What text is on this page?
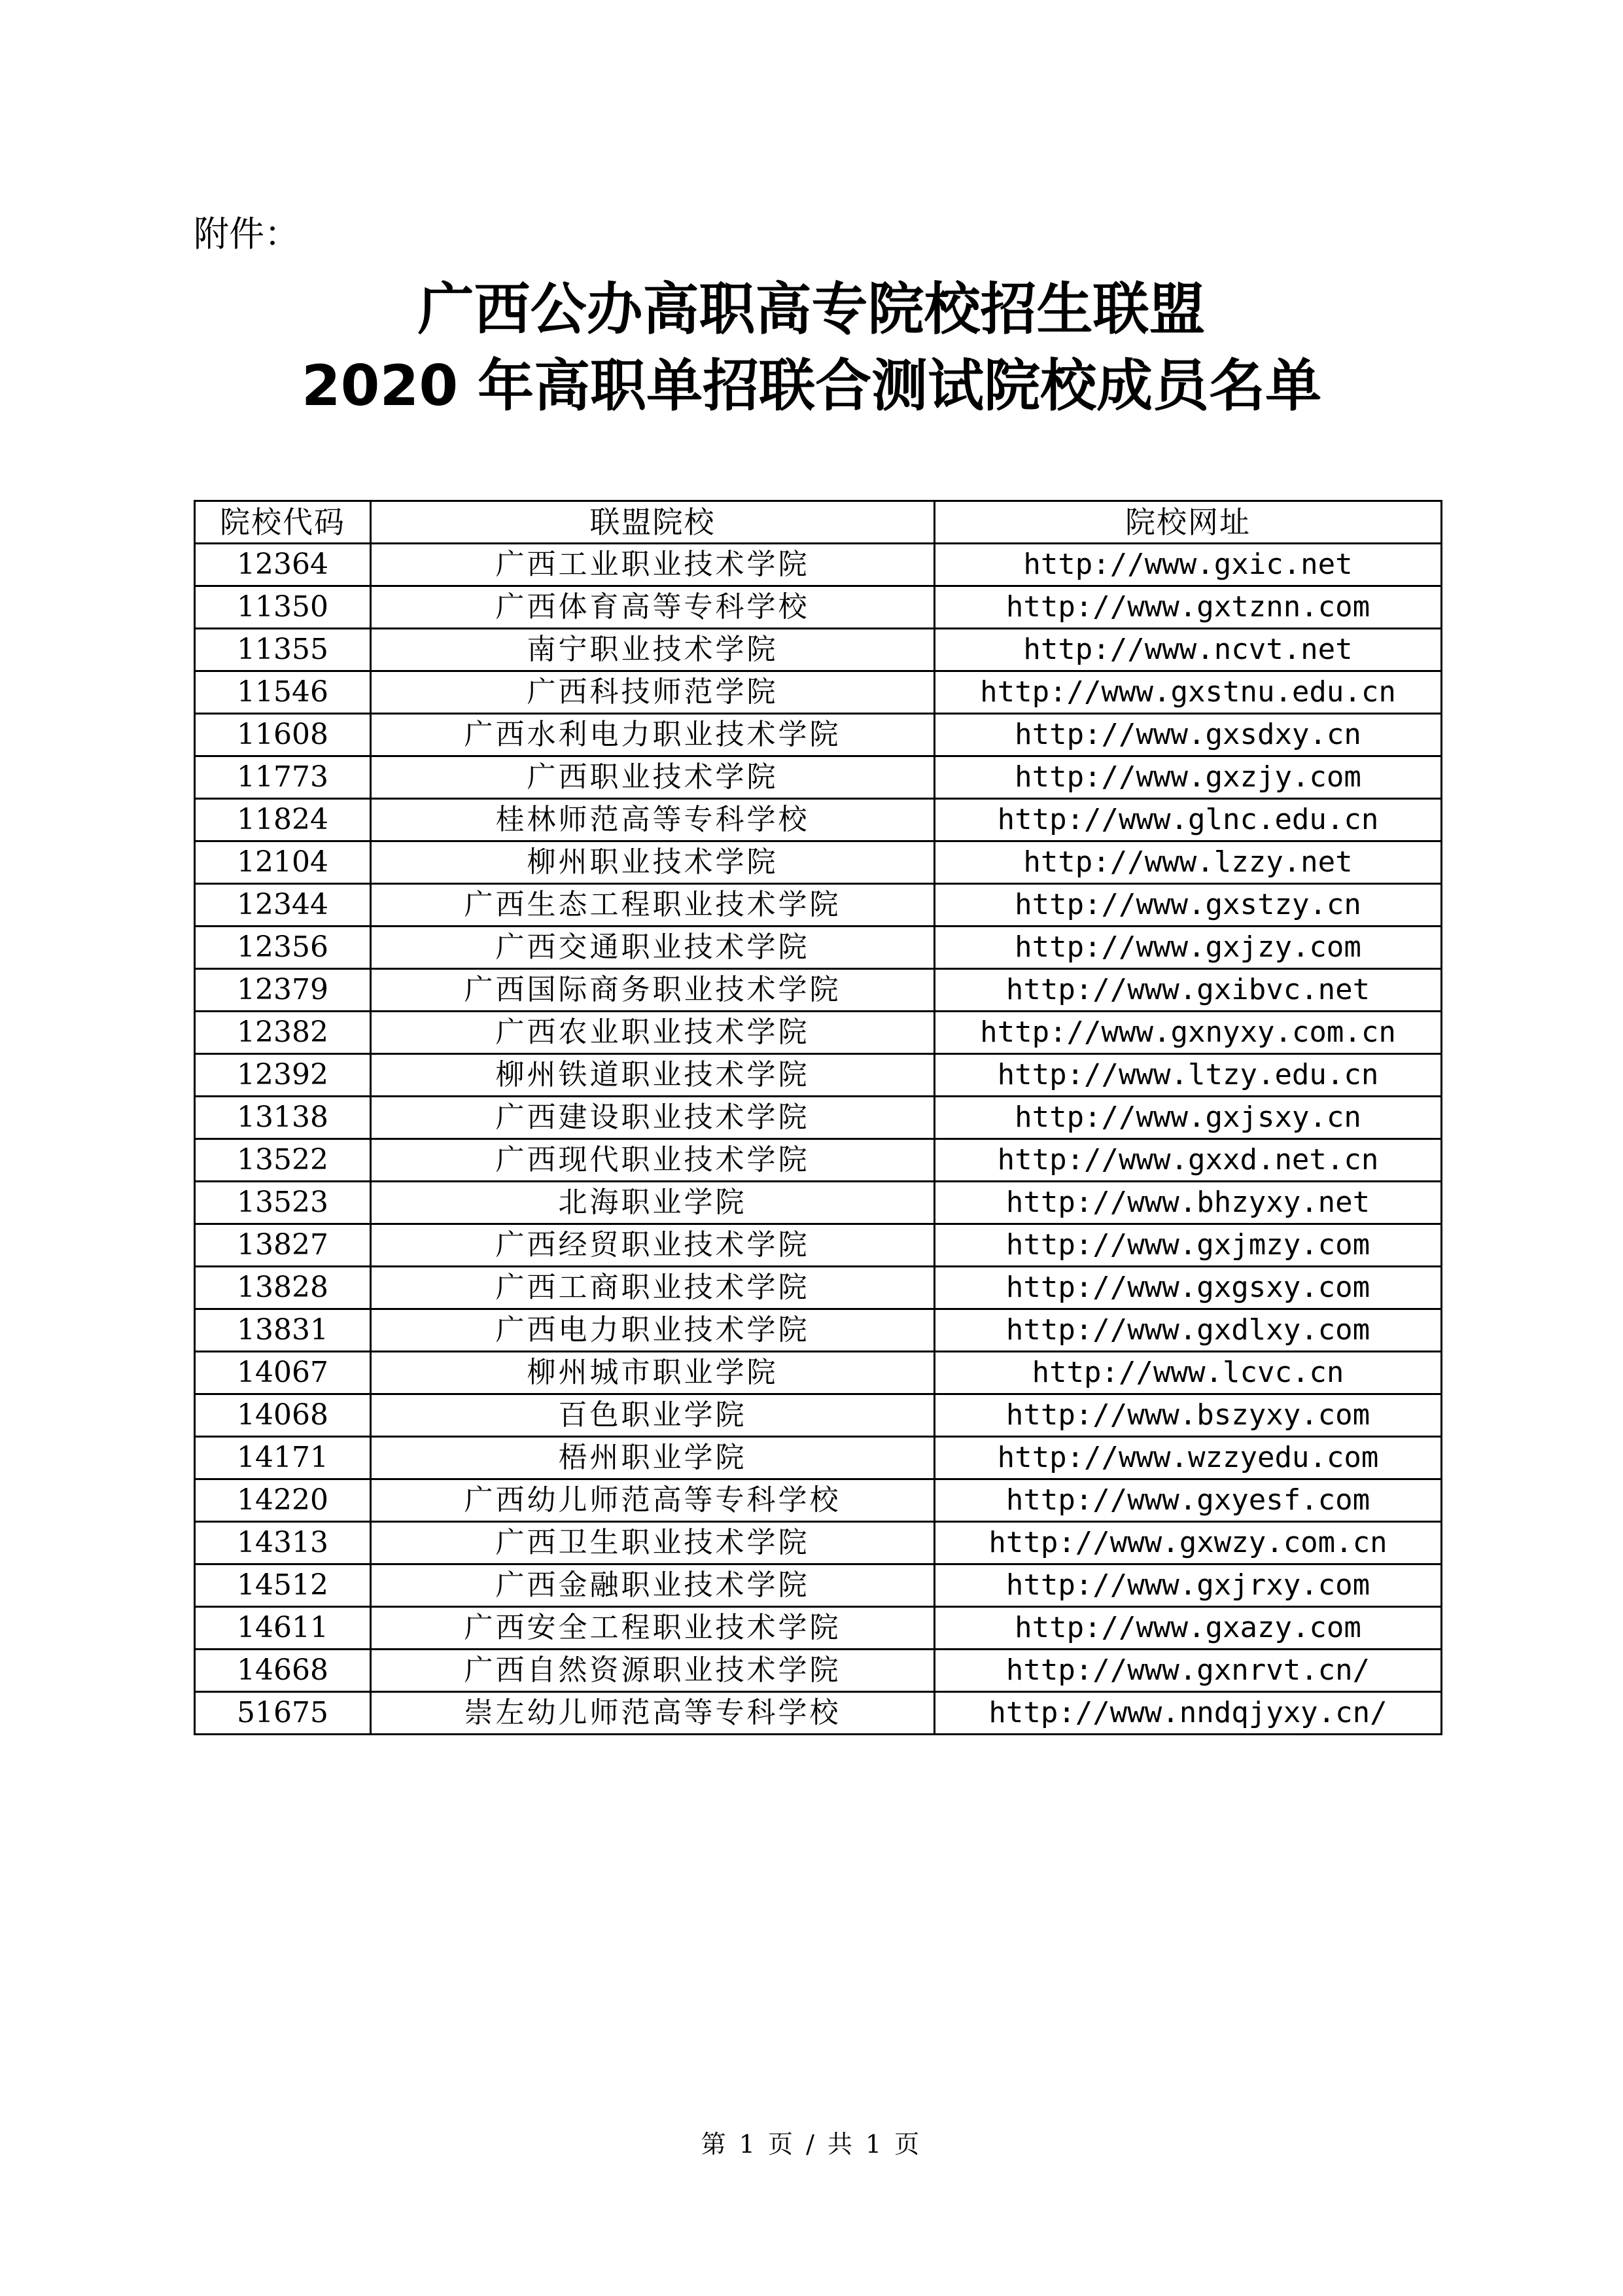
附件：
广西公办高职高专院校招生联盟
2020 年高职单招联合测试院校成员名单
院校代码	联盟院校	院校网址
12364	广西工业职业技术学院	http://www.gxic.net
11350	广西体育高等专科学校	http://www.gxtznn.com
11355	南宁职业技术学院	http://www.ncvt.net
11546	广西科技师范学院	http://www.gxstnu.edu.cn
11608	广西水利电力职业技术学院	http://www.gxsdxy.cn
11773	广西职业技术学院	http://www.gxzjy.com
11824	桂林师范高等专科学校	http://www.glnc.edu.cn
12104	柳州职业技术学院	http://www.lzzy.net
12344	广西生态工程职业技术学院	http://www.gxstzy.cn
12356	广西交通职业技术学院	http://www.gxjzy.com
12379	广西国际商务职业技术学院	http://www.gxibvc.net
12382	广西农业职业技术学院	http://www.gxnyxy.com.cn
12392	柳州铁道职业技术学院	http://www.ltzy.edu.cn
13138	广西建设职业技术学院	http://www.gxjsxy.cn
13522	广西现代职业技术学院	http://www.gxxd.net.cn
13523	北海职业学院	http://www.bhzyxy.net
13827	广西经贸职业技术学院	http://www.gxjmzy.com
13828	广西工商职业技术学院	http://www.gxgsxy.com
13831	广西电力职业技术学院	http://www.gxdlxy.com
14067	柳州城市职业学院	http://www.lcvc.cn
14068	百色职业学院	http://www.bszyxy.com
14171	梧州职业学院	http://www.wzzyedu.com
14220	广西幼儿师范高等专科学校	http://www.gxyesf.com
14313	广西卫生职业技术学院	http://www.gxwzy.com.cn
14512	广西金融职业技术学院	http://www.gxjrxy.com
14611	广西安全工程职业技术学院	http://www.gxazy.com
14668	广西自然资源职业技术学院	http://www.gxnrvt.cn/
51675	崇左幼儿师范高等专科学校	http://www.nndqjyxy.cn/
第 1 页 / 共 1 页
